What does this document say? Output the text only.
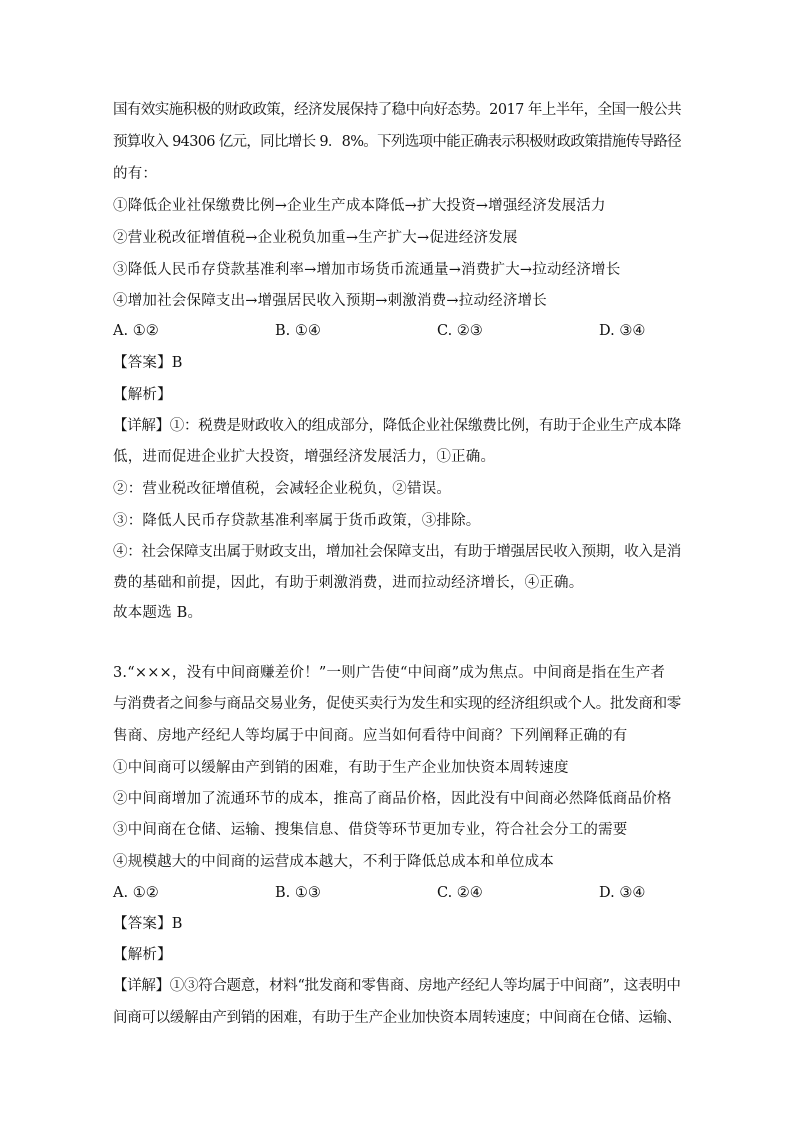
国有效实施积极的财政政策，经济发展保持了稳中向好态势。2017 年上半年，全国一般公共
预算收入 94306 亿元，同比增长 9．8%。下列选项中能正确表示积极财政政策措施传导路径
的有：
①降低企业社保缴费比例→企业生产成本降低→扩大投资→增强经济发展活力
②营业税改征增值税→企业税负加重→生产扩大→促进经济发展
③降低人民币存贷款基准利率→增加市场货币流通量→消费扩大→拉动经济增长
④增加社会保障支出→增强居民收入预期→刺激消费→拉动经济增长
A. ①②	B. ①④	C. ②③	D. ③④
【答案】B
【解析】
【详解】①：税费是财政收入的组成部分，降低企业社保缴费比例，有助于企业生产成本降
低，进而促进企业扩大投资，增强经济发展活力，①正确。
②：营业税改征增值税，会减轻企业税负，②错误。
③：降低人民币存贷款基准利率属于货币政策，③排除。
④：社会保障支出属于财政支出，增加社会保障支出，有助于增强居民收入预期，收入是消
费的基础和前提，因此，有助于刺激消费，进而拉动经济增长，④正确。
故本题选 B。
3.“×××，没有中间商赚差价！”一则广告使“中间商”成为焦点。中间商是指在生产者
与消费者之间参与商品交易业务，促使买卖行为发生和实现的经济组织或个人。批发商和零
售商、房地产经纪人等均属于中间商。应当如何看待中间商？下列阐释正确的有
①中间商可以缓解由产到销的困难，有助于生产企业加快资本周转速度
②中间商增加了流通环节的成本，推高了商品价格，因此没有中间商必然降低商品价格
③中间商在仓储、运输、搜集信息、借贷等环节更加专业，符合社会分工的需要
④规模越大的中间商的运营成本越大，不利于降低总成本和单位成本
A. ①②	B. ①③	C. ②④	D. ③④
【答案】B
【解析】
【详解】①③符合题意，材料“批发商和零售商、房地产经纪人等均属于中间商”，这表明中
间商可以缓解由产到销的困难，有助于生产企业加快资本周转速度；中间商在仓储、运输、
